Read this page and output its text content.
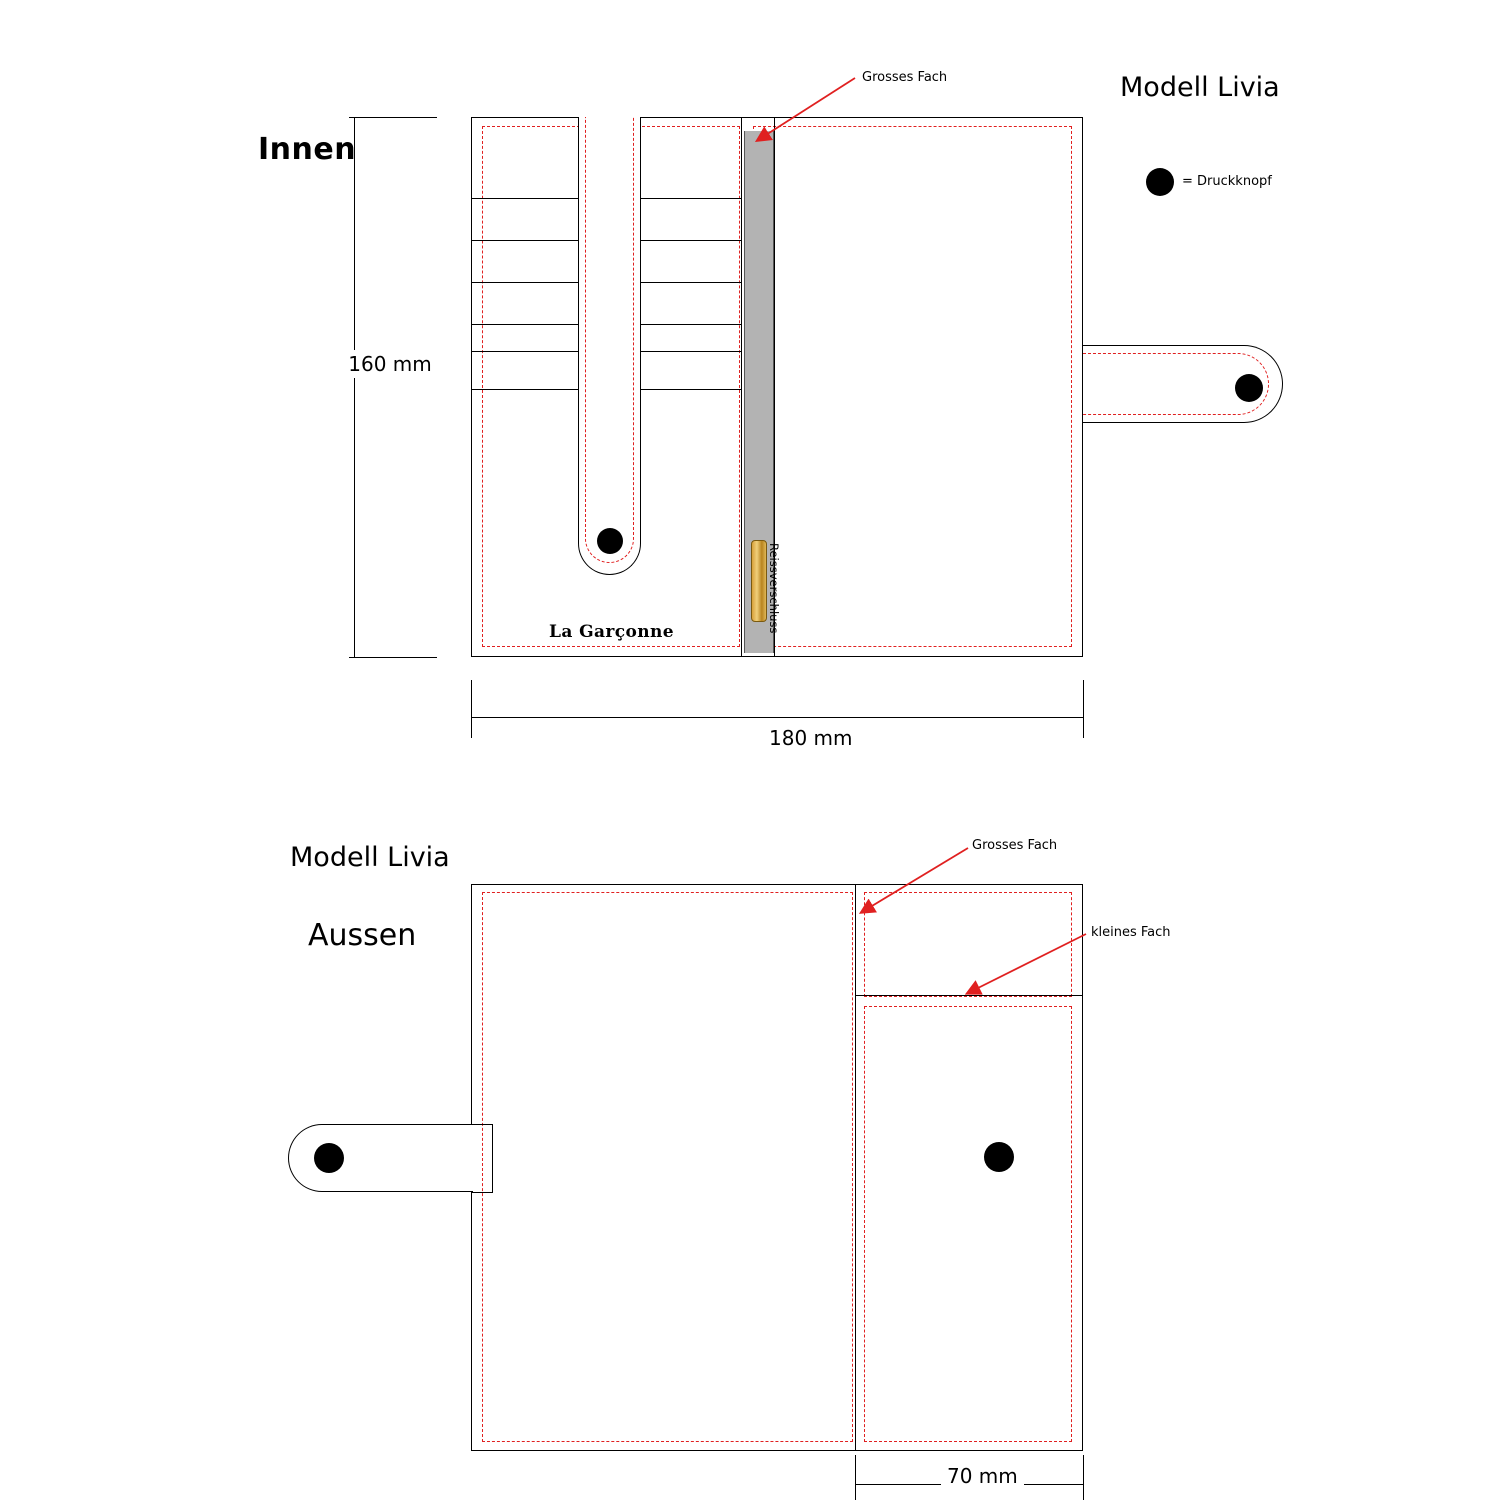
Innen
Modell Livia
= Druckknopf
Reissverschluss
La Garçonne
160 mm
180 mm
Grosses Fach
Modell Livia
Aussen
70 mm
Grosses Fach
kleines Fach
